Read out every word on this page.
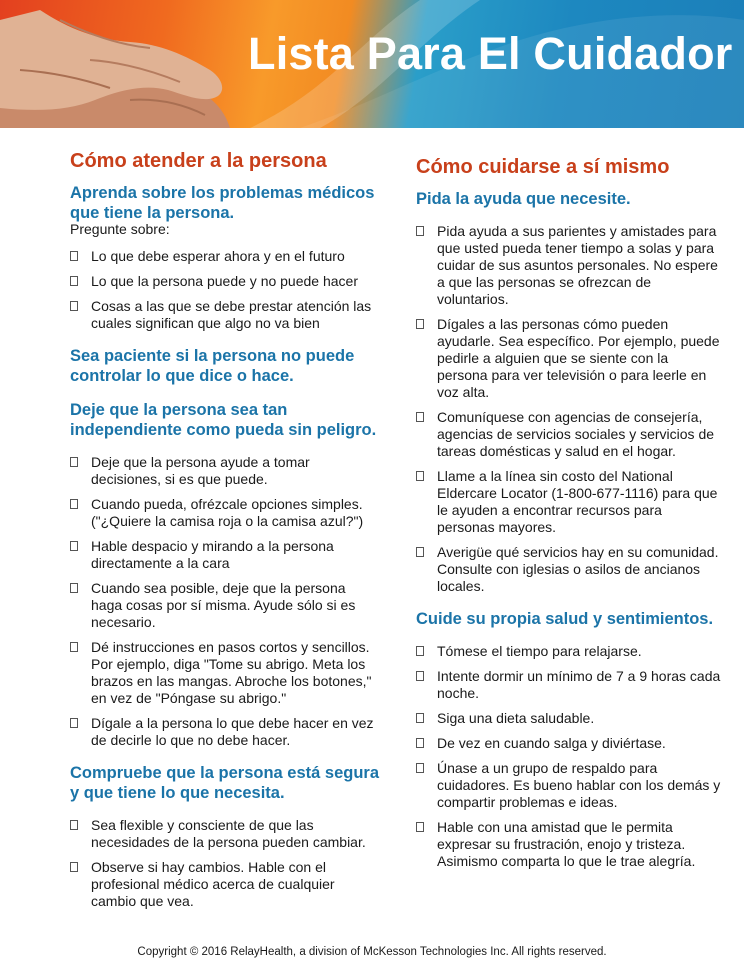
Lista Para El Cuidador
Cómo atender a la persona
Aprenda sobre los problemas médicos que tiene la persona.

Pregunte sobre:

Lo que debe esperar ahora y en el futuro
Lo que la persona puede y no puede hacer
Cosas a las que se debe prestar atención las cuales significan que algo no va bien
Sea paciente si la persona no puede controlar lo que dice o hace.
Deje que la persona sea tan independiente como pueda sin peligro.
Deje que la persona ayude a tomar decisiones, si es que puede.
Cuando pueda, ofrézcale opciones simples. ("¿Quiere la camisa roja o la camisa azul?")
Hable despacio y mirando a la persona directamente a la cara
Cuando sea posible, deje que la persona haga cosas por sí misma. Ayude sólo si es necesario.
Dé instrucciones en pasos cortos y sencillos. Por ejemplo, diga "Tome su abrigo. Meta los brazos en las mangas. Abroche los botones," en vez de "Póngase su abrigo."
Dígale a la persona lo que debe hacer en vez de decirle lo que no debe hacer.
Compruebe que la persona está segura y que tiene lo que necesita.
Sea flexible y consciente de que las necesidades de la persona pueden cambiar.
Observe si hay cambios. Hable con el profesional médico acerca de cualquier cambio que vea.
Cómo cuidarse a sí mismo
Pida la ayuda que necesite.
Pida ayuda a sus parientes y amistades para que usted pueda tener tiempo a solas y para cuidar de sus asuntos personales. No espere a que las personas se ofrezcan de voluntarios.
Dígales a las personas cómo pueden ayudarle. Sea específico. Por ejemplo, puede pedirle a alguien que se siente con la persona para ver televisión o para leerle en voz alta.
Comuníquese con agencias de consejería, agencias de servicios sociales y servicios de tareas domésticas y salud en el hogar.
Llame a la línea sin costo del National Eldercare Locator (1-800-677-1116) para que le ayuden a encontrar recursos para personas mayores.
Averigüe qué servicios hay en su comunidad. Consulte con iglesias o asilos de ancianos locales.
Cuide su propia salud y sentimientos.
Tómese el tiempo para relajarse.
Intente dormir un mínimo de 7 a 9 horas cada noche.
Siga una dieta saludable.
De vez en cuando salga y diviértase.
Únase a un grupo de respaldo para cuidadores. Es bueno hablar con los demás y compartir problemas e ideas.
Hable con una amistad que le permita expresar su frustración, enojo y tristeza. Asimismo comparta lo que le trae alegría.
Copyright © 2016 RelayHealth, a division of McKesson Technologies Inc. All rights reserved.
